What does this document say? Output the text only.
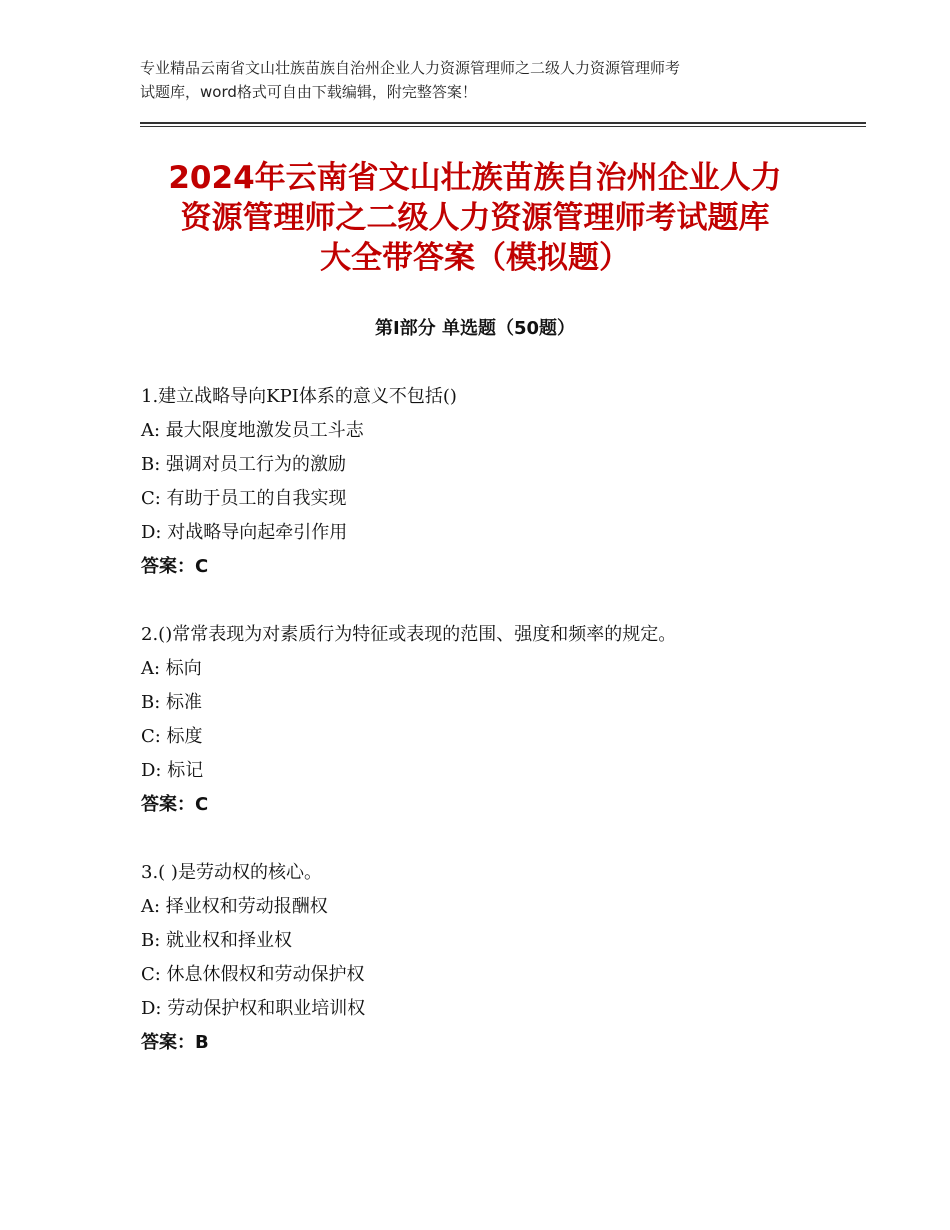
专业精品云南省文山壮族苗族自治州企业人力资源管理师之二级人力资源管理师考
试题库，word格式可自由下载编辑，附完整答案！
2024年云南省文山壮族苗族自治州企业人力
资源管理师之二级人力资源管理师考试题库
大全带答案（模拟题）
第Ⅰ部分 单选题（50题）
1.建立战略导向KPI体系的意义不包括()
A: 最大限度地激发员工斗志
B: 强调对员工行为的激励
C: 有助于员工的自我实现
D: 对战略导向起牵引作用
答案：C
2.()常常表现为对素质行为特征或表现的范围、强度和频率的规定。
A: 标向
B: 标准
C: 标度
D: 标记
答案：C
3.( )是劳动权的核心。
A: 择业权和劳动报酬权
B: 就业权和择业权
C: 休息休假权和劳动保护权
D: 劳动保护权和职业培训权
答案：B
